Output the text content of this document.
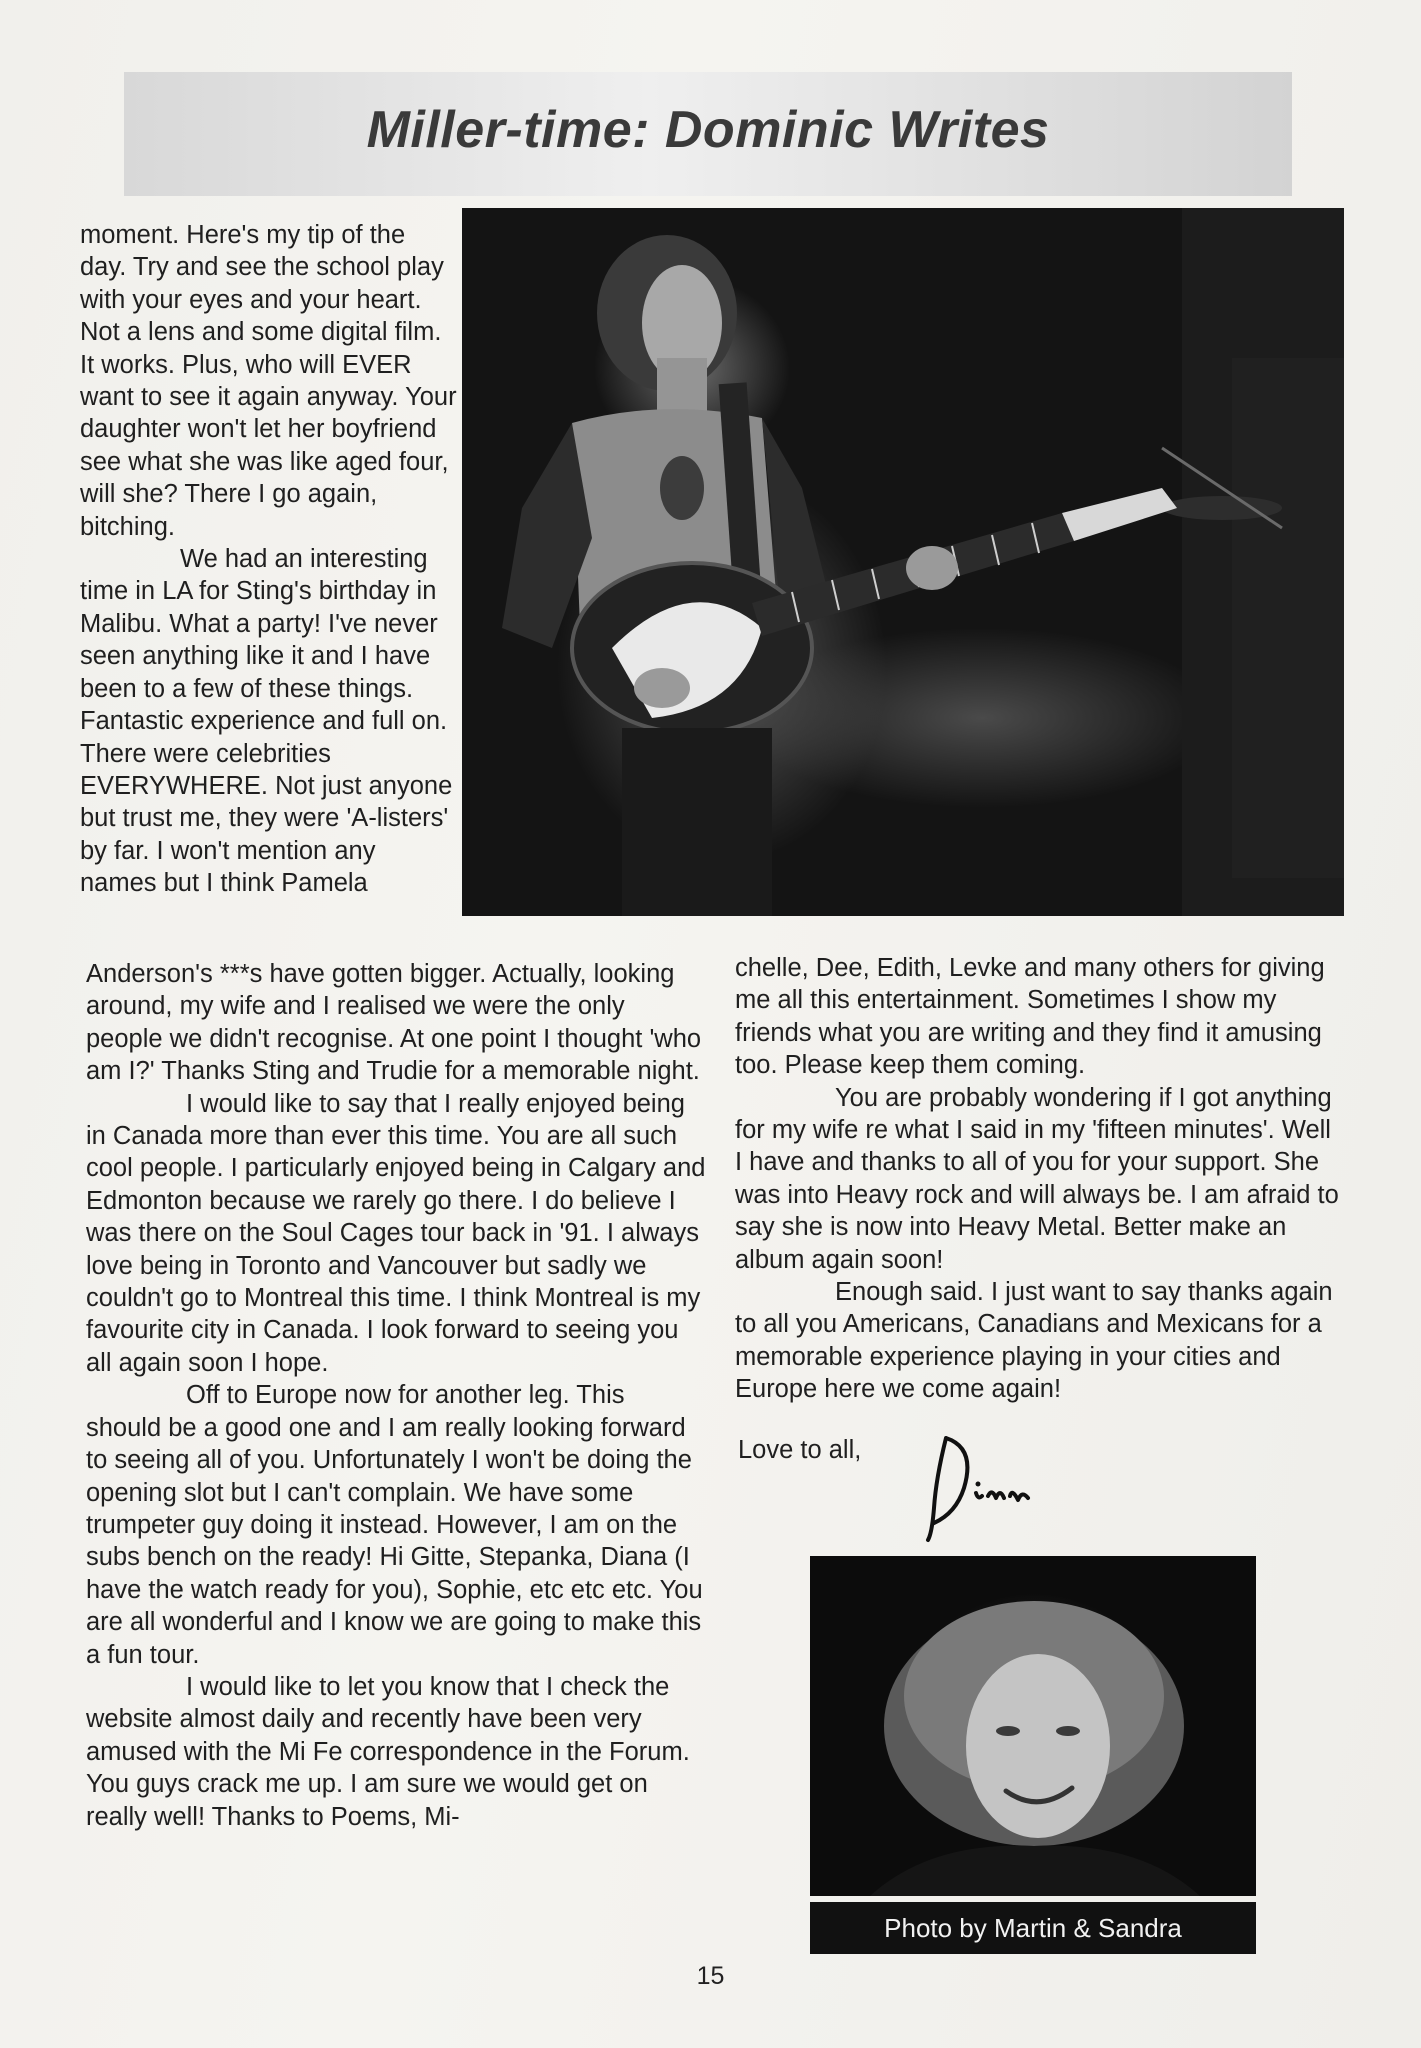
Miller-time: Dominic Writes

moment. Here's my tip of the day. Try and see the school play with your eyes and your heart. Not a lens and some digital film. It works. Plus, who will EVER want to see it again anyway. Your daughter won't let her boyfriend see what she was like aged four, will she? There I go again, bitching.

We had an interesting time in LA for Sting's birthday in Malibu. What a party! I've never seen anything like it and I have been to a few of these things. Fantastic experience and full on. There were celebrities EVERYWHERE. Not just anyone but trust me, they were 'A-listers' by far. I won't mention any names but I think Pamela

Anderson's ***s have gotten bigger. Actually, looking around, my wife and I realised we were the only people we didn't recognise. At one point I thought 'who am I?' Thanks Sting and Trudie for a memorable night.

I would like to say that I really enjoyed being in Canada more than ever this time. You are all such cool people. I particularly enjoyed being in Calgary and Edmonton because we rarely go there. I do believe I was there on the Soul Cages tour back in '91. I always love being in Toronto and Vancouver but sadly we couldn't go to Montreal this time. I think Montreal is my favourite city in Canada. I look forward to seeing you all again soon I hope.

Off to Europe now for another leg. This should be a good one and I am really looking forward to seeing all of you. Unfortunately I won't be doing the opening slot but I can't complain. We have some trumpeter guy doing it instead. However, I am on the subs bench on the ready! Hi Gitte, Stepanka, Diana (I have the watch ready for you), Sophie, etc etc etc. You are all wonderful and I know we are going to make this a fun tour.

I would like to let you know that I check the website almost daily and recently have been very amused with the Mi Fe correspondence in the Forum. You guys crack me up. I am sure we would get on really well! Thanks to Poems, Mi-

chelle, Dee, Edith, Levke and many others for giving me all this entertainment. Sometimes I show my friends what you are writing and they find it amusing too. Please keep them coming.

You are probably wondering if I got anything for my wife re what I said in my 'fifteen minutes'. Well I have and thanks to all of you for your support. She was into Heavy rock and will always be. I am afraid to say she is now into Heavy Metal. Better make an album again soon!

Enough said. I just want to say thanks again to all you Americans, Canadians and Mexicans for a memorable experience playing in your cities and Europe here we come again!

Love to all,
Photo by Martin & Sandra
15
